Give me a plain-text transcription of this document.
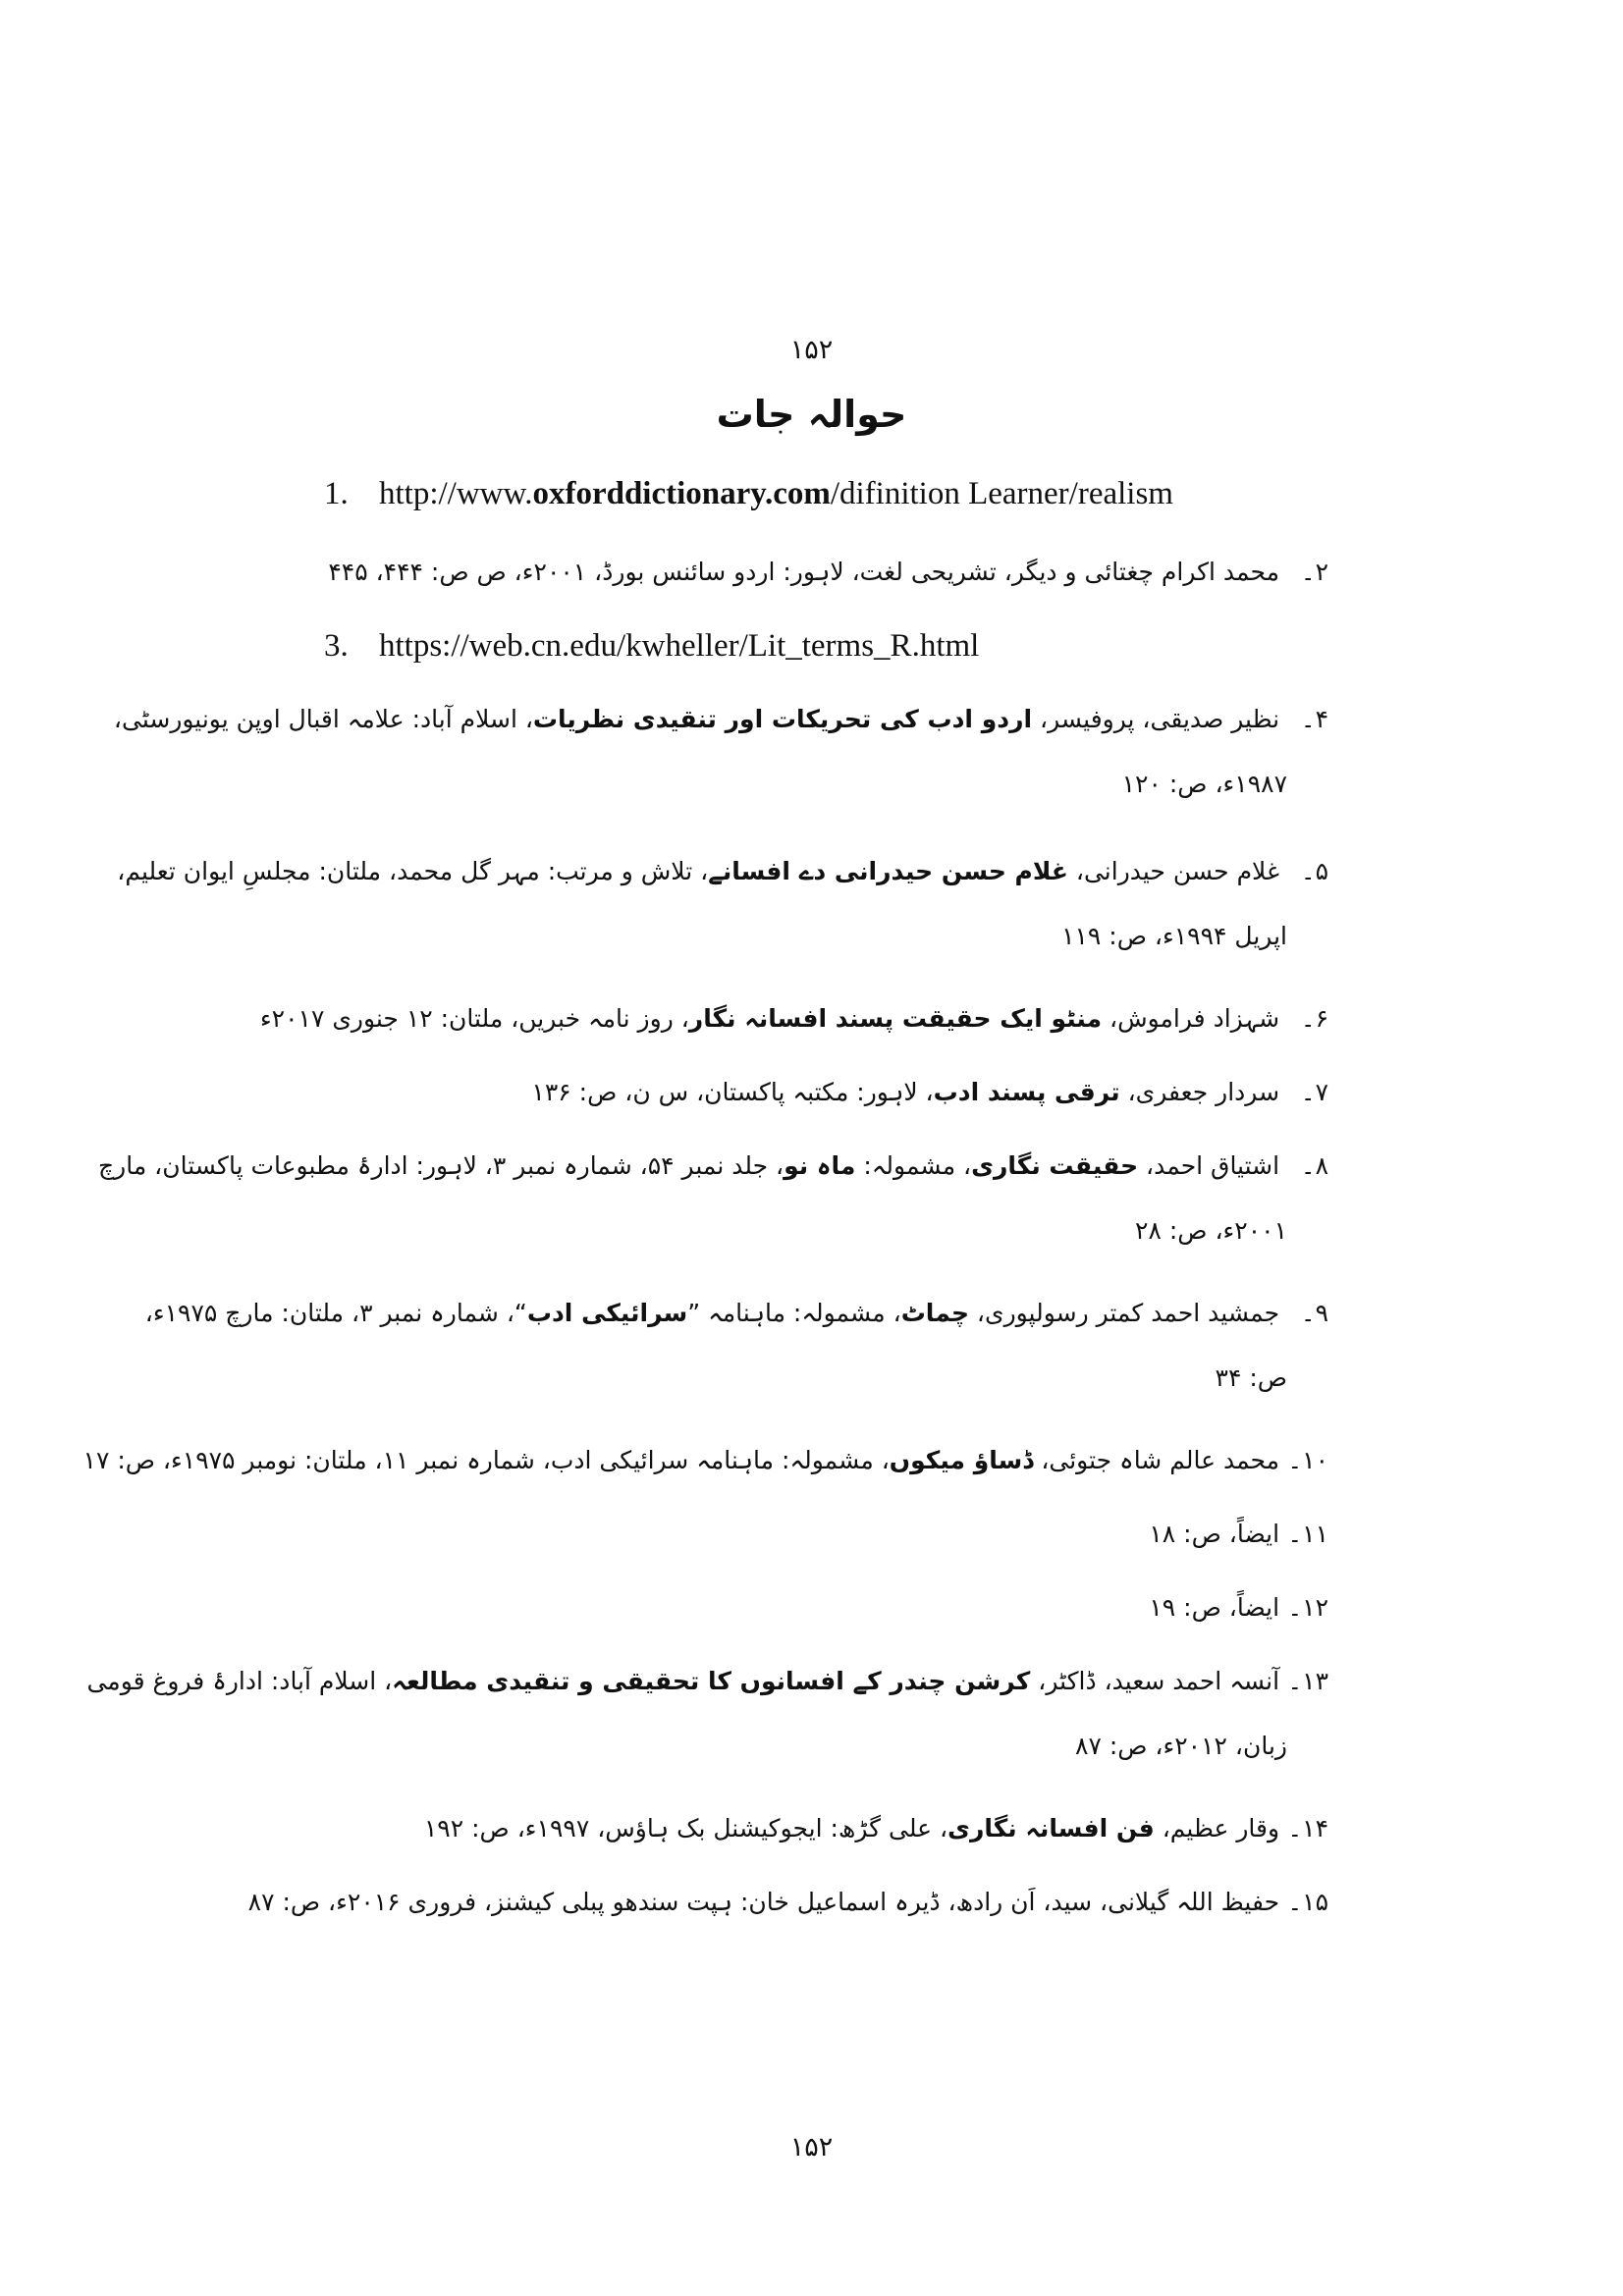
۱۵۲
حوالہ جات
1. http://www.oxforddictionary.com/difinition Learner/realism
۲۔ محمد اکرام چغتائی و دیگر، تشریحی لغت، لاہور: اردو سائنس بورڈ، ۲۰۰۱ء، ص ص: ۴۴۴، ۴۴۵
3. https://web.cn.edu/kwheller/Lit_terms_R.html
۴۔ نظیر صدیقی، پروفیسر، اردو ادب کی تحریکات اور تنقیدی نظریات، اسلام آباد: علامہ اقبال اوپن یونیورسٹی،
۱۹۸۷ء، ص: ۱۲۰
۵۔ غلام حسن حیدرانی، غلام حسن حیدرانی دے افسانے، تلاش و مرتب: مہر گل محمد، ملتان: مجلسِ ایوان تعلیم،
اپریل ۱۹۹۴ء، ص: ۱۱۹
۶۔ شہزاد فراموش، منٹو ایک حقیقت پسند افسانہ نگار، روز نامہ خبریں، ملتان: ۱۲ جنوری ۲۰۱۷ء
۷۔ سردار جعفری، ترقی پسند ادب، لاہور: مکتبہ پاکستان، س ن، ص: ۱۳۶
۸۔ اشتیاق احمد، حقیقت نگاری، مشمولہ: ماہ نو، جلد نمبر ۵۴، شمارہ نمبر ۳، لاہور: ادارۂ مطبوعات پاکستان، مارچ
۲۰۰۱ء، ص: ۲۸
۹۔ جمشید احمد کمتر رسولپوری، چماٹ، مشمولہ: ماہنامہ ”سرائیکی ادب“، شمارہ نمبر ۳، ملتان: مارچ ۱۹۷۵ء،
ص: ۳۴
۱۰۔ محمد عالم شاہ جتوئی، ڈساؤ میکوں، مشمولہ: ماہنامہ سرائیکی ادب، شمارہ نمبر ۱۱، ملتان: نومبر ۱۹۷۵ء، ص: ۱۷
۱۱۔ ایضاً، ص: ۱۸
۱۲۔ ایضاً، ص: ۱۹
۱۳۔ آنسہ احمد سعید، ڈاکٹر، کرشن چندر کے افسانوں کا تحقیقی و تنقیدی مطالعہ، اسلام آباد: ادارۂ فروغ قومی
زبان، ۲۰۱۲ء، ص: ۸۷
۱۴۔ وقار عظیم، فن افسانہ نگاری، علی گڑھ: ایجوکیشنل بک ہاؤس، ۱۹۹۷ء، ص: ۱۹۲
۱۵۔ حفیظ اللہ گیلانی، سید، اَن رادھ، ڈیرہ اسماعیل خان: ہپت سندھو پبلی کیشنز، فروری ۲۰۱۶ء، ص: ۸۷
۱۵۲
